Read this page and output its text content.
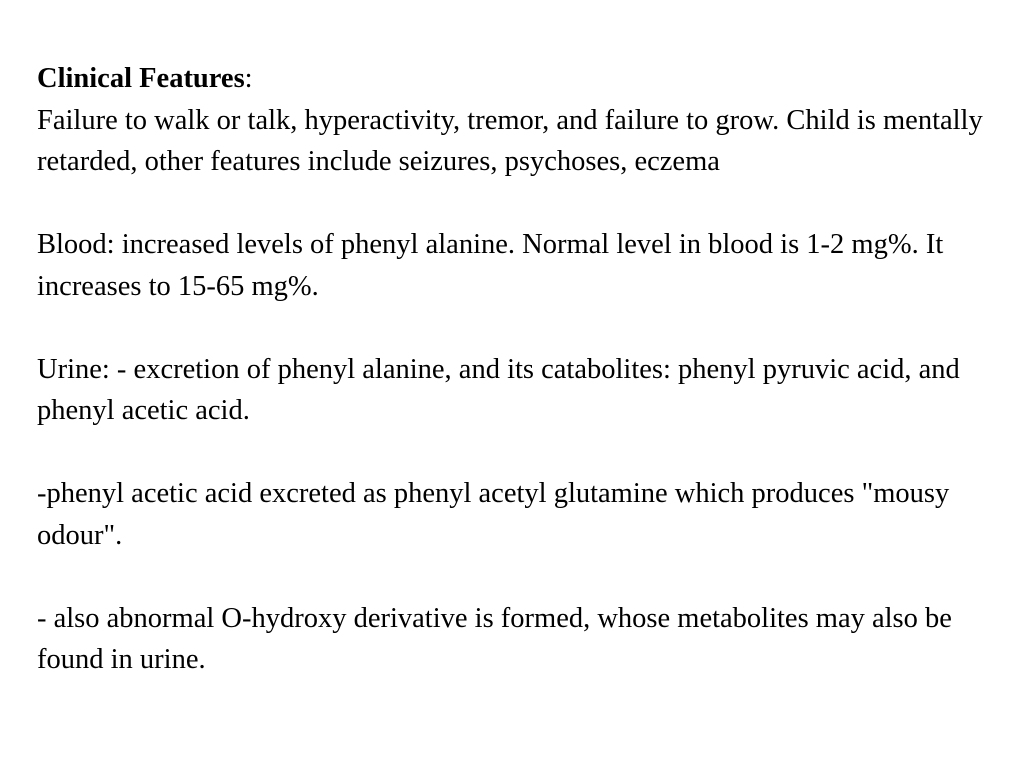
Clinical Features:

Failure to walk or talk, hyperactivity, tremor, and failure to grow. Child is mentally retarded, other features include seizures, psychoses, eczema

Blood: increased levels of phenyl alanine. Normal level in blood is 1-2 mg%. It increases to 15-65 mg%.

Urine: - excretion of phenyl alanine, and its catabolites: phenyl pyruvic acid, and phenyl acetic acid.

-phenyl acetic acid excreted as phenyl acetyl glutamine which produces "mousy odour".

- also abnormal O-hydroxy derivative is formed, whose metabolites may also be found in urine.
